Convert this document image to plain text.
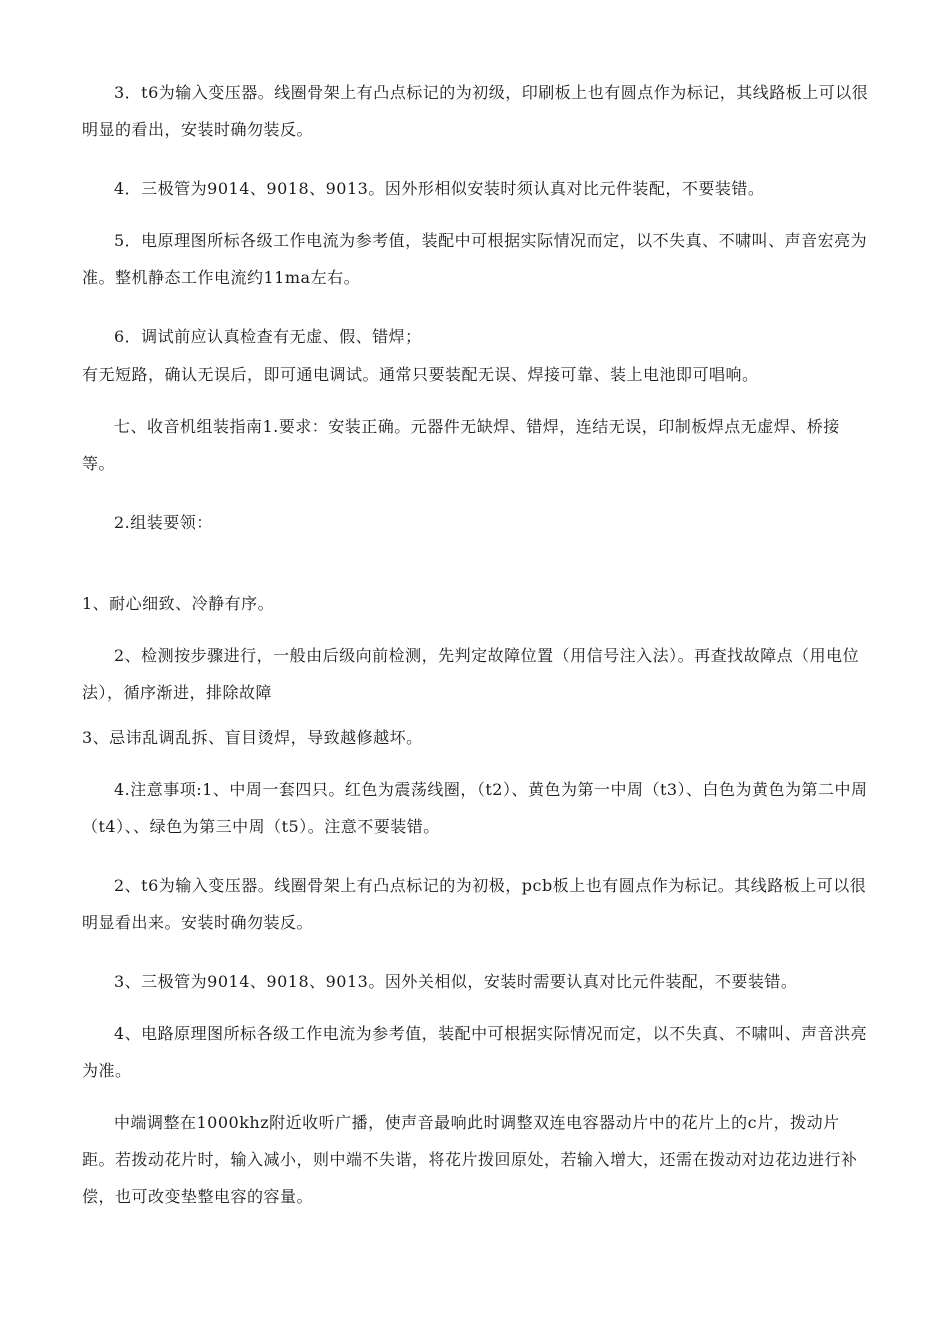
3．t6为输入变压器。线圈骨架上有凸点标记的为初级，印刷板上也有圆点作为标记，其线路板上可以很明显的看出，安装时确勿装反。

4．三极管为9014、9018、9013。因外形相似安装时须认真对比元件装配，不要装错。

5．电原理图所标各级工作电流为参考值，装配中可根据实际情况而定，以不失真、不啸叫、声音宏亮为准。整机静态工作电流约11ma左右。

6．调试前应认真检查有无虚、假、错焊；

有无短路，确认无误后，即可通电调试。通常只要装配无误、焊接可靠、装上电池即可唱响。

七、收音机组装指南1.要求：安装正确。元器件无缺焊、错焊，连结无误，印制板焊点无虚焊、桥接等。

2.组装要领：

1、耐心细致、冷静有序。

2、检测按步骤进行，一般由后级向前检测，先判定故障位置（用信号注入法）。再查找故障点（用电位法），循序渐进，排除故障

3、忌讳乱调乱拆、盲目烫焊，导致越修越坏。

4.注意事项:1、中周一套四只。红色为震荡线圈，（t2）、黄色为第一中周（t3）、白色为黄色为第二中周（t4）、、绿色为第三中周（t5）。注意不要装错。

2、t6为输入变压器。线圈骨架上有凸点标记的为初极，pcb板上也有圆点作为标记。其线路板上可以很明显看出来。安装时确勿装反。

3、三极管为9014、9018、9013。因外关相似，安装时需要认真对比元件装配，不要装错。

4、电路原理图所标各级工作电流为参考值，装配中可根据实际情况而定，以不失真、不啸叫、声音洪亮为准。

中端调整在1000khz附近收听广播，使声音最响此时调整双连电容器动片中的花片上的c片，拨动片距。若拨动花片时，输入减小，则中端不失谐，将花片拨回原处，若输入增大，还需在拨动对边花边进行补偿，也可改变垫整电容的容量。
